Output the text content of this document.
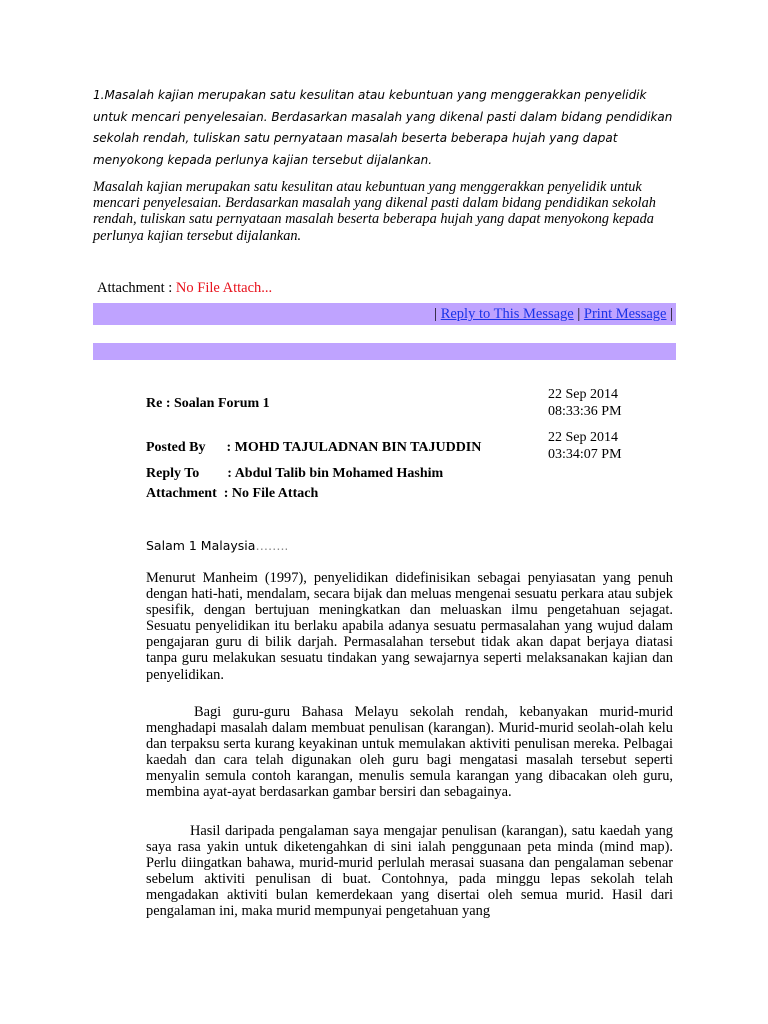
1.Masalah kajian merupakan satu kesulitan atau kebuntuan yang menggerakkan penyelidik untuk mencari penyelesaian. Berdasarkan masalah yang dikenal pasti dalam bidang pendidikan sekolah rendah, tuliskan satu pernyataan masalah beserta beberapa hujah yang dapat menyokong kepada perlunya kajian tersebut dijalankan.

Masalah kajian merupakan satu kesulitan atau kebuntuan yang menggerakkan penyelidik untuk mencari penyelesaian. Berdasarkan masalah yang dikenal pasti dalam bidang pendidikan sekolah rendah, tuliskan satu pernyataan masalah beserta beberapa hujah yang dapat menyokong kepada perlunya kajian tersebut dijalankan.

Attachment : No File Attach...

| Reply to This Message | Print Message |

Re : Soalan Forum 1

Posted By      : MOHD TAJULADNAN BIN TAJUDDIN

Reply To        : Abdul Talib bin Mohamed Hashim

Attachment  : No File Attach

22 Sep 2014
08:33:36 PM

22 Sep 2014
03:34:07 PM

Salam 1 Malaysia……..

Menurut Manheim (1997), penyelidikan didefinisikan sebagai penyiasatan yang penuh dengan hati-hati, mendalam, secara bijak dan meluas mengenai sesuatu perkara atau subjek spesifik, dengan bertujuan meningkatkan dan meluaskan ilmu pengetahuan sejagat. Sesuatu penyelidikan itu berlaku apabila adanya sesuatu permasalahan yang wujud dalam pengajaran guru di bilik darjah. Permasalahan tersebut tidak akan dapat berjaya diatasi tanpa guru melakukan sesuatu tindakan yang sewajarnya seperti melaksanakan kajian dan penyelidikan.

Bagi guru-guru Bahasa Melayu sekolah rendah, kebanyakan murid-murid menghadapi masalah dalam membuat penulisan (karangan). Murid-murid seolah-olah kelu dan terpaksu serta kurang keyakinan untuk memulakan aktiviti penulisan mereka. Pelbagai kaedah dan cara telah digunakan oleh guru bagi mengatasi masalah tersebut seperti menyalin semula contoh karangan, menulis semula karangan yang dibacakan oleh guru, membina ayat-ayat berdasarkan gambar bersiri dan sebagainya.

Hasil daripada pengalaman saya mengajar penulisan (karangan), satu kaedah yang saya rasa yakin untuk diketengahkan di sini ialah penggunaan peta minda (mind map). Perlu diingatkan bahawa, murid-murid perlulah merasai suasana dan pengalaman sebenar sebelum aktiviti penulisan di buat. Contohnya, pada minggu lepas sekolah telah mengadakan aktiviti bulan kemerdekaan yang disertai oleh semua murid. Hasil dari pengalaman ini, maka murid mempunyai pengetahuan yang
